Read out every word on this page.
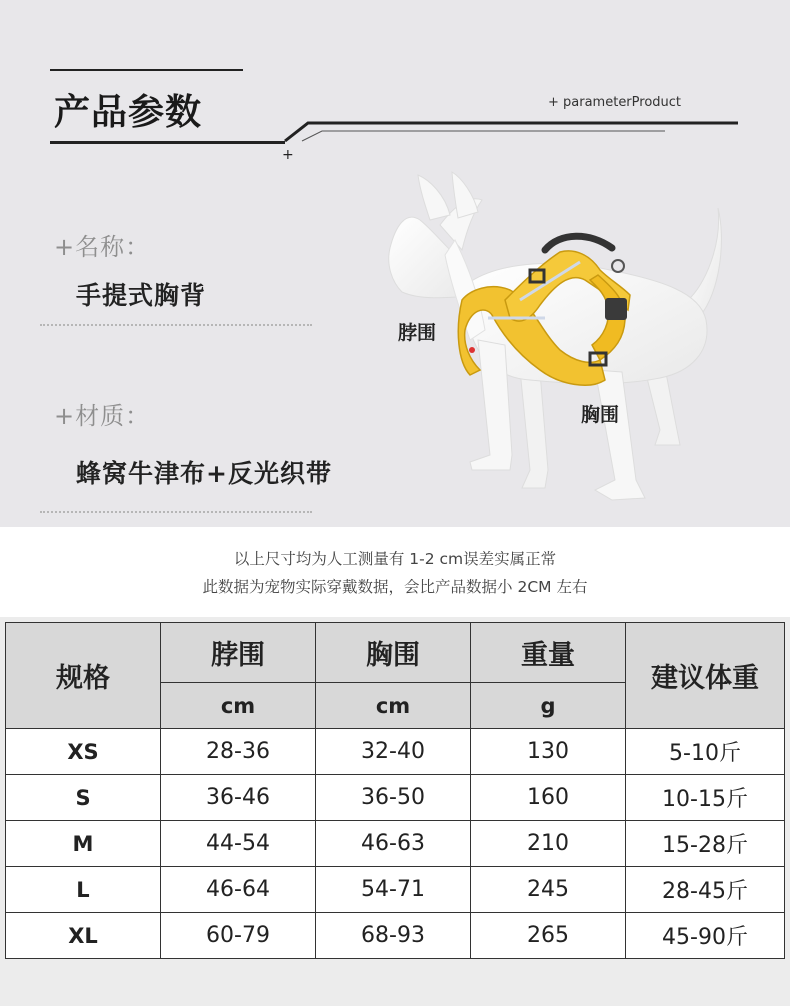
产品参数	+ parameterProduct
+
+名称：
手提式胸背
+材质：
蜂窝牛津布+反光织带
脖围
胸围
以上尺寸均为人工测量有 1-2 cm误差实属正常
此数据为宠物实际穿戴数据，会比产品数据小 2CM 左右
规格	脖围	胸围	重量	建议体重
	cm	cm	g	
XS	28-36	32-40	130	5-10斤
S	36-46	36-50	160	10-15斤
M	44-54	46-63	210	15-28斤
L	46-64	54-71	245	28-45斤
XL	60-79	68-93	265	45-90斤
